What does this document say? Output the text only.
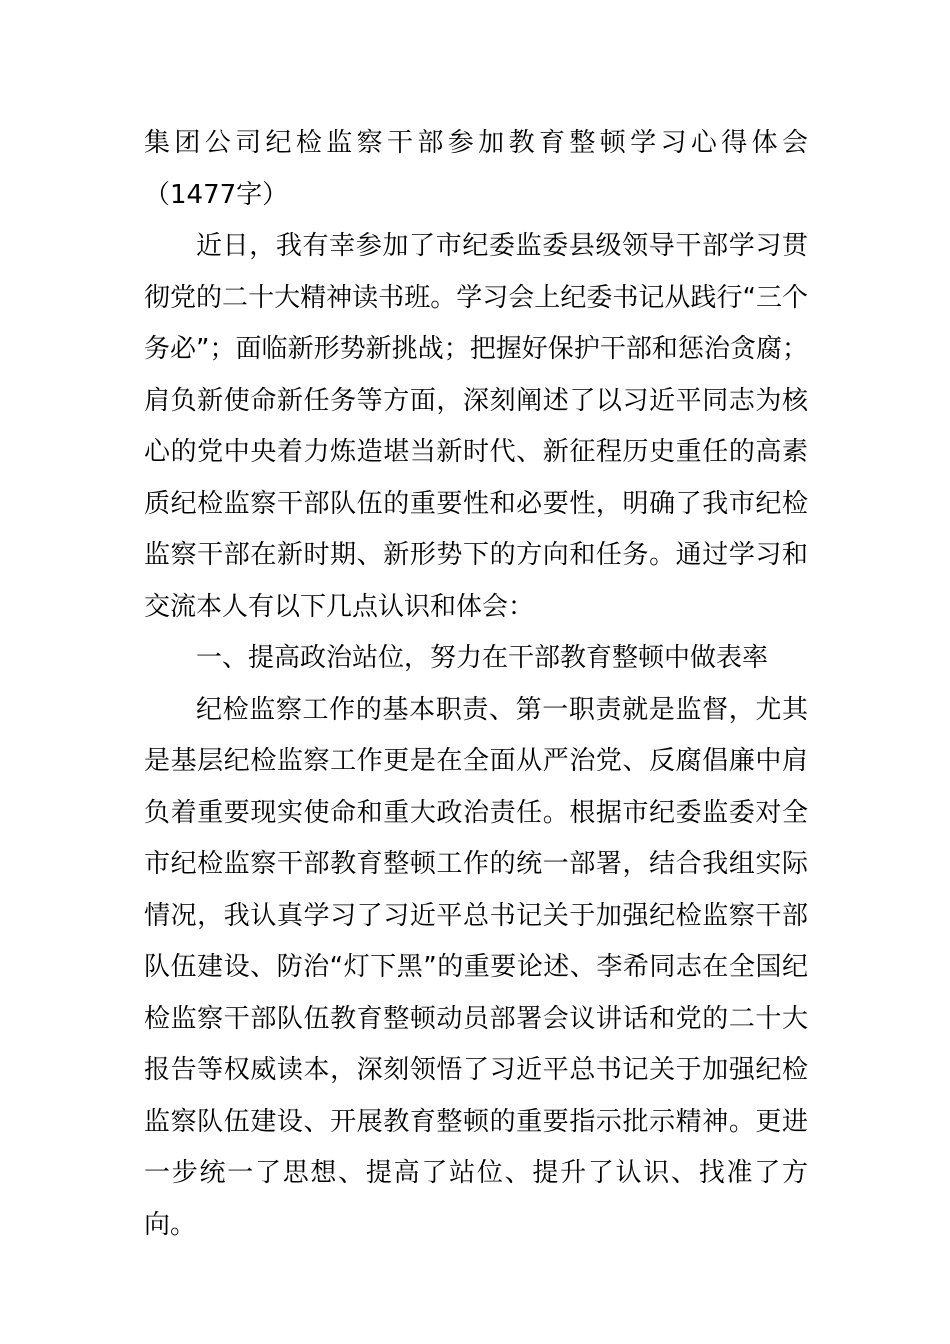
集团公司纪检监察干部参加教育整顿学习心得体会（1477字）

近日，我有幸参加了市纪委监委县级领导干部学习贯彻党的二十大精神读书班。学习会上纪委书记从践行“三个务必”；面临新形势新挑战；把握好保护干部和惩治贪腐；肩负新使命新任务等方面，深刻阐述了以习近平同志为核心的党中央着力炼造堪当新时代、新征程历史重任的高素质纪检监察干部队伍的重要性和必要性，明确了我市纪检监察干部在新时期、新形势下的方向和任务。通过学习和交流本人有以下几点认识和体会：

一、提高政治站位，努力在干部教育整顿中做表率

纪检监察工作的基本职责、第一职责就是监督，尤其是基层纪检监察工作更是在全面从严治党、反腐倡廉中肩负着重要现实使命和重大政治责任。根据市纪委监委对全市纪检监察干部教育整顿工作的统一部署，结合我组实际情况，我认真学习了习近平总书记关于加强纪检监察干部队伍建设、防治“灯下黑”的重要论述、李希同志在全国纪检监察干部队伍教育整顿动员部署会议讲话和党的二十大报告等权威读本，深刻领悟了习近平总书记关于加强纪检监察队伍建设、开展教育整顿的重要指示批示精神。更进一步统一了思想、提高了站位、提升了认识、找准了方向。
